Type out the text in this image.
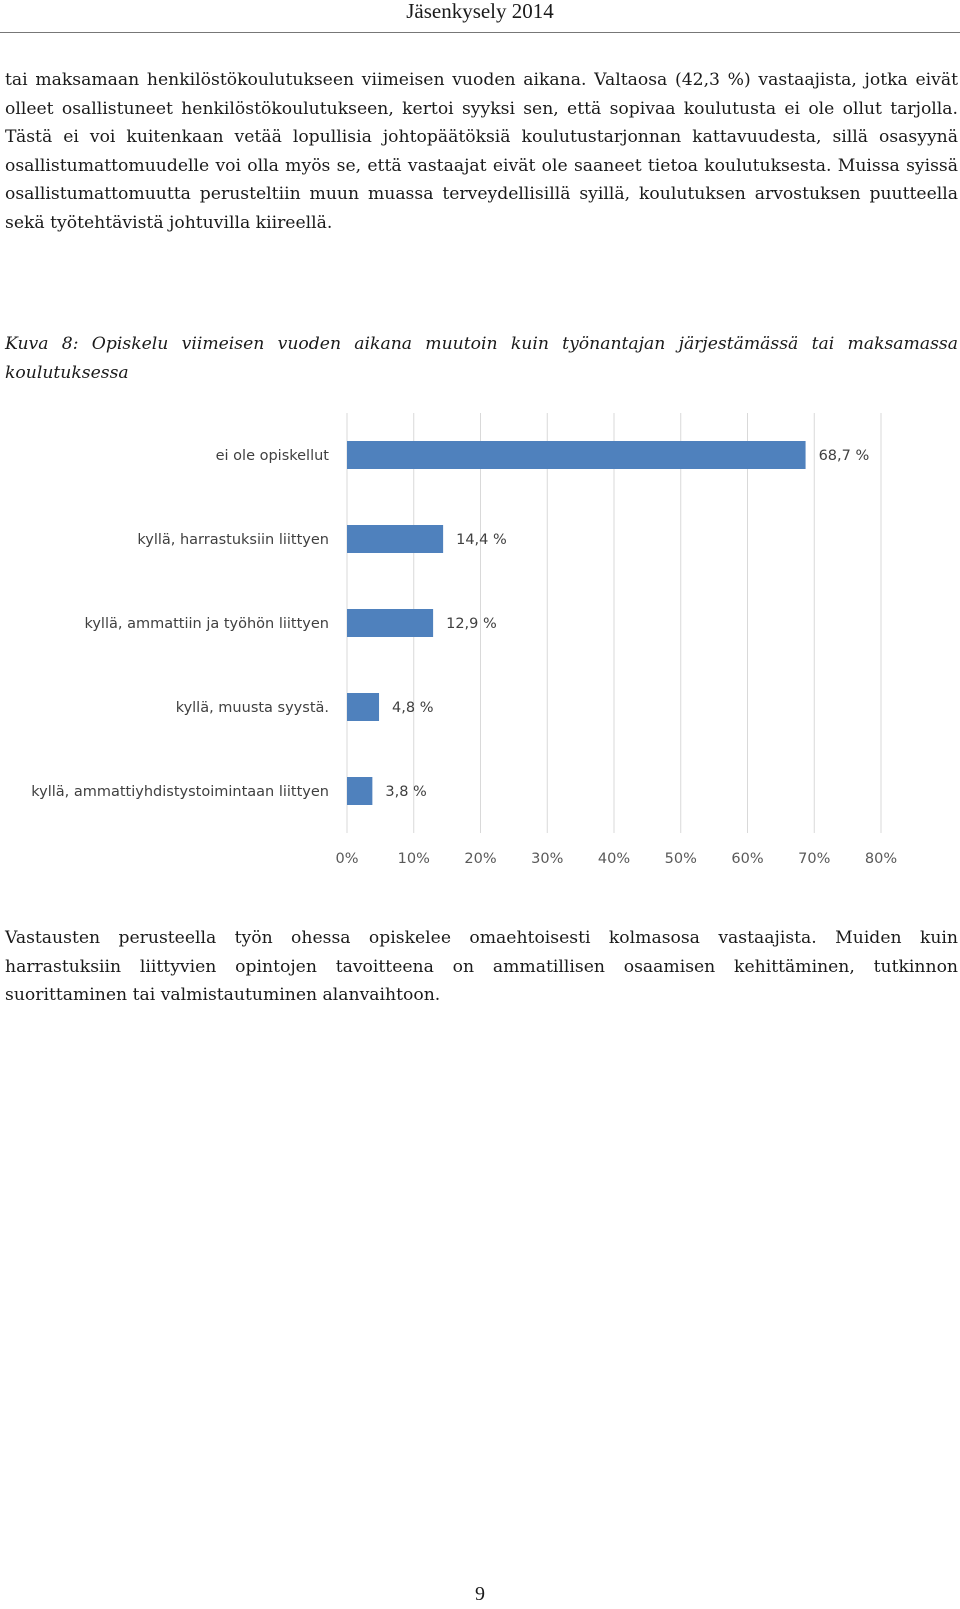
Jäsenkysely 2014

tai maksamaan henkilöstökoulutukseen viimeisen vuoden aikana. Valtaosa (42,3 %) vastaajista, jotka eivät olleet osallistuneet henkilöstökoulutukseen, kertoi syyksi sen, että sopivaa koulutusta ei ole ollut tarjolla. Tästä ei voi kuitenkaan vetää lopullisia johtopäätöksiä koulutustarjonnan kattavuudesta, sillä osasyynä osallistumattomuudelle voi olla myös se, että vastaajat eivät ole saaneet tietoa koulutuksesta. Muissa syissä osallistumattomuutta perusteltiin muun muassa terveydellisillä syillä, koulutuksen arvostuksen puutteella sekä työtehtävistä johtuvilla kiireellä.

Kuva 8: Opiskelu viimeisen vuoden aikana muutoin kuin työnantajan järjestämässä tai maksamassa koulutuksessa

ei ole opiskellut	68,7 %
kyllä, harrastuksiin liittyen	14,4 %
kyllä, ammattiin ja työhön liittyen	12,9 %
kyllä, muusta syystä.	4,8 %
kyllä, ammattiyhdistystoimintaan liittyen	3,8 %
0%	10% 20% 30% 40% 50% 60% 70% 80%

Vastausten perusteella työn ohessa opiskelee omaehtoisesti kolmasosa vastaajista. Muiden kuin harrastuksiin liittyvien opintojen tavoitteena on ammatillisen osaamisen kehittäminen, tutkinnon suorittaminen tai valmistautuminen alanvaihtoon.

9
